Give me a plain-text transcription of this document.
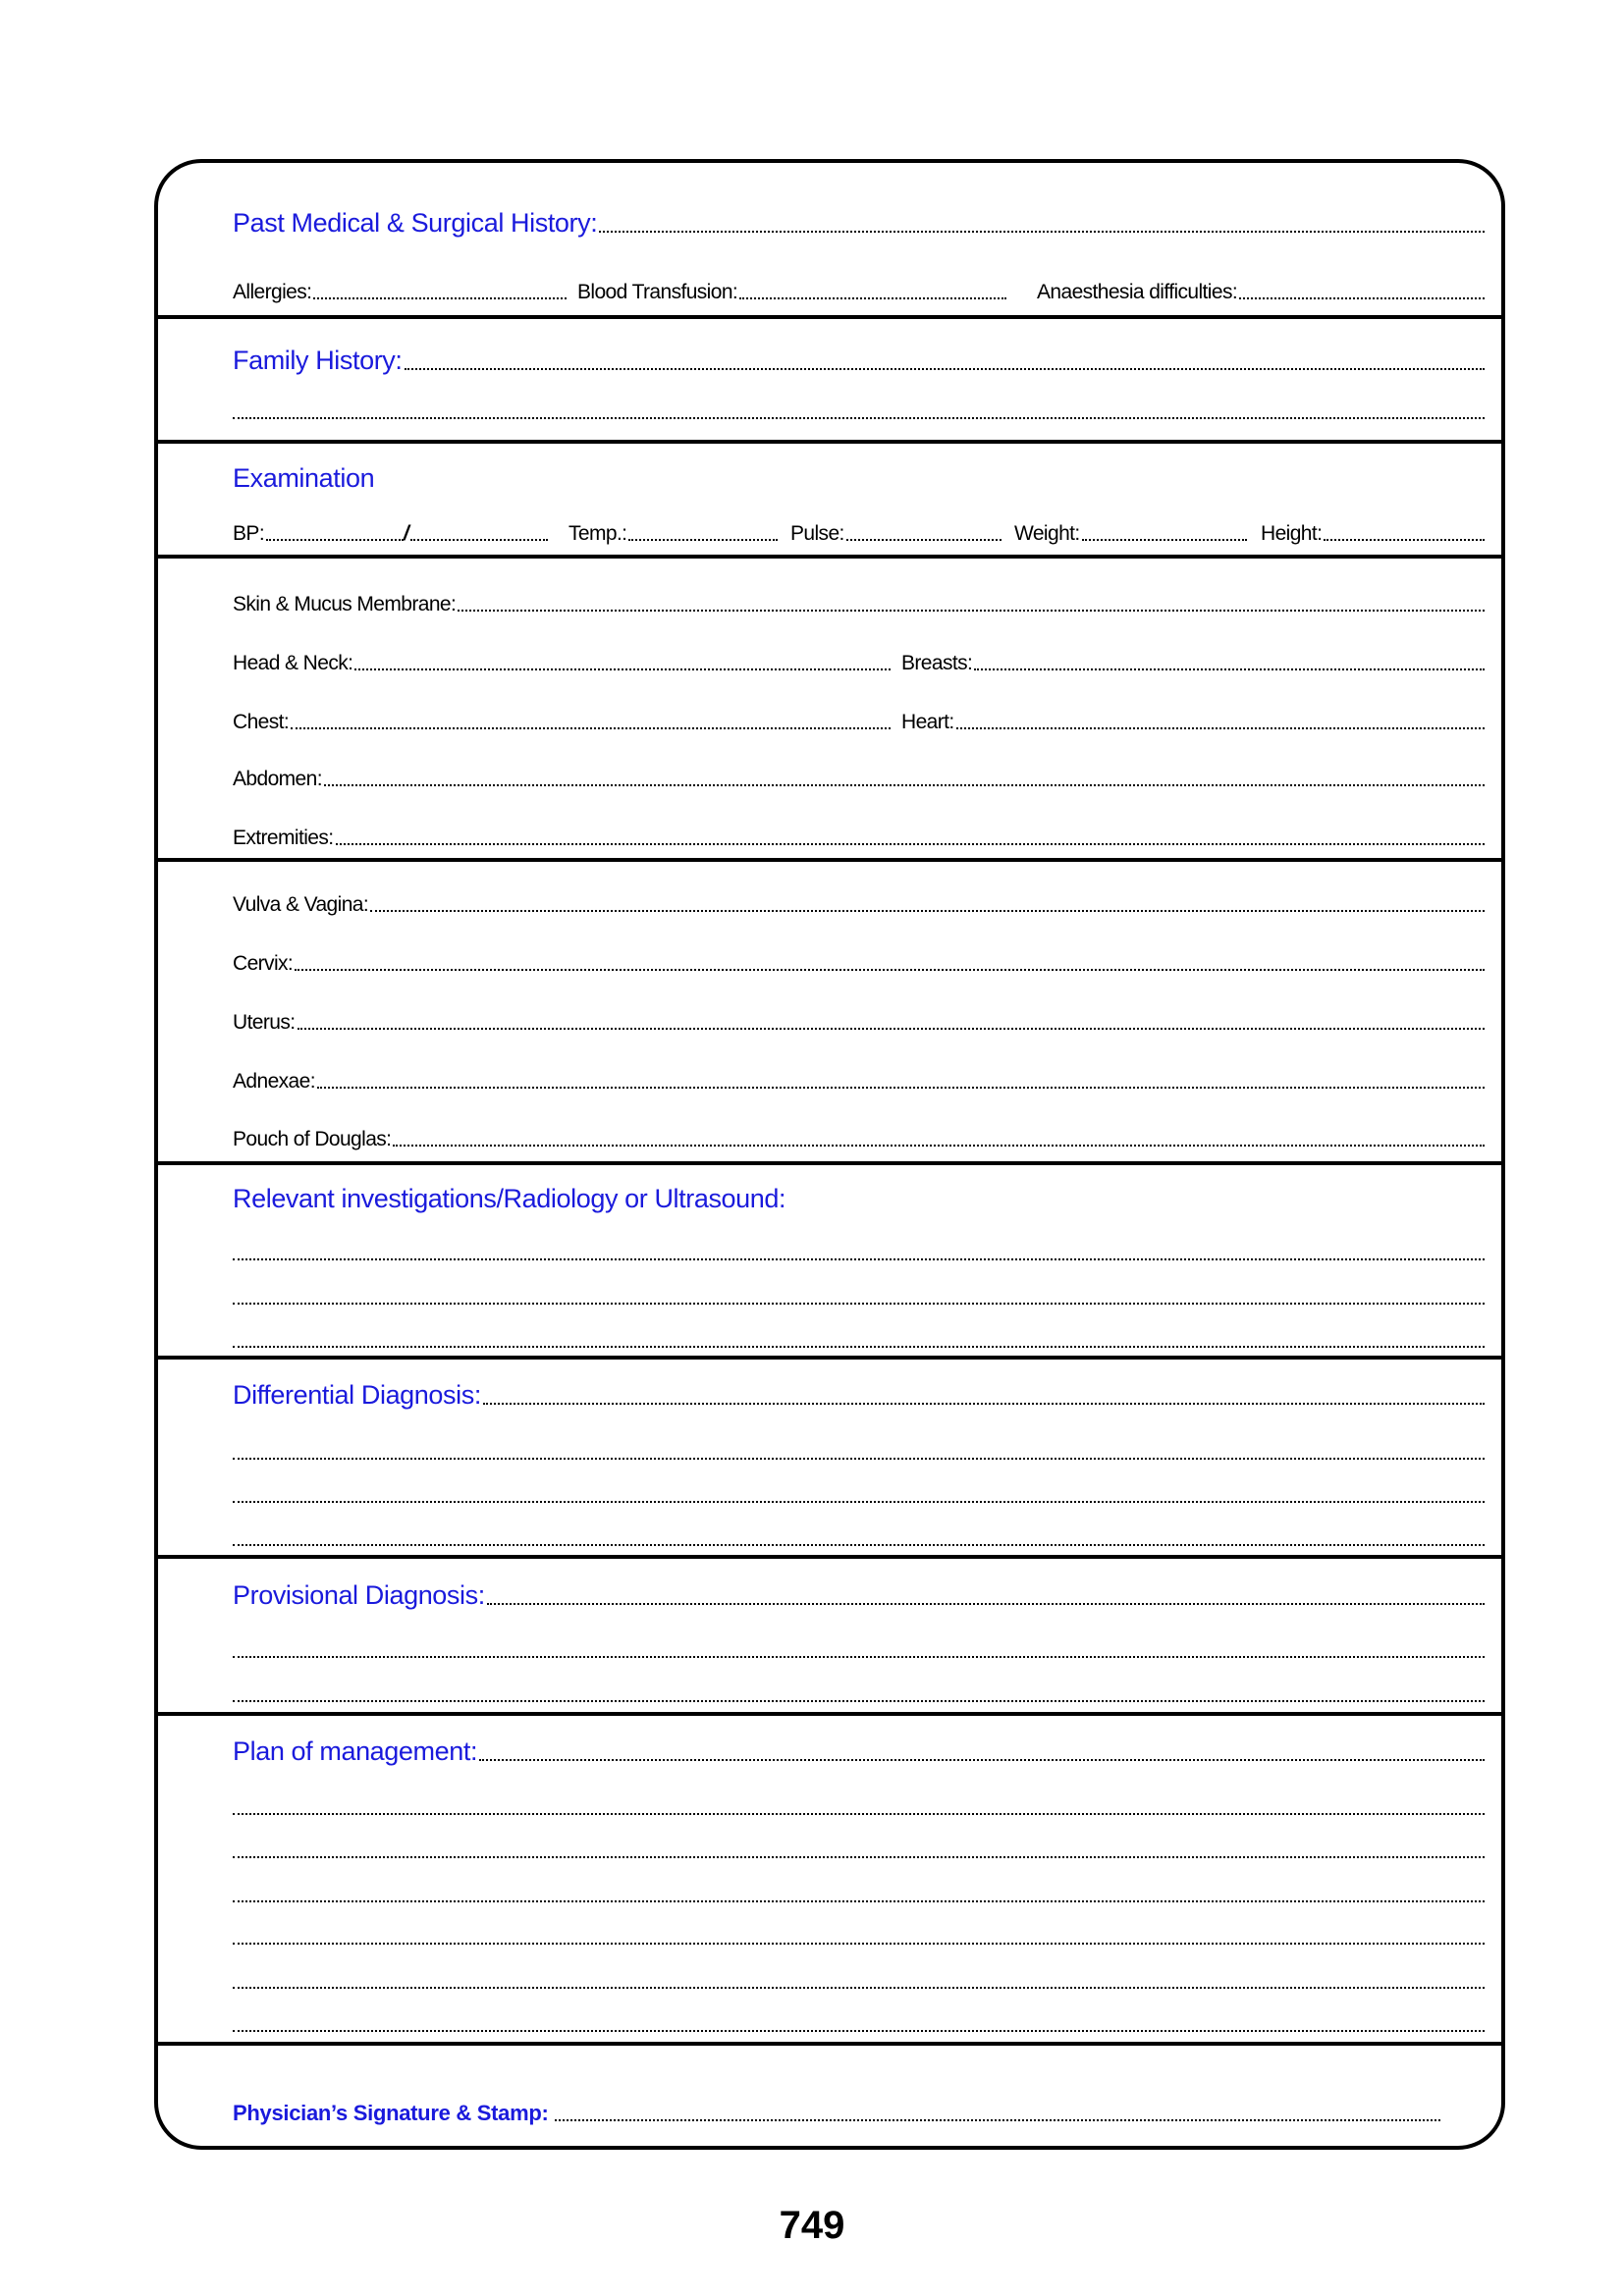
Past Medical & Surgical History:
Allergies:	Blood Transfusion:	Anaesthesia difficulties:
Family History:
Examination
BP:	/	Temp.:	Pulse:	Weight:	Height:
Skin & Mucus Membrane:
Head & Neck:	Breasts:
Chest:	Heart:
Abdomen:
Extremities:
Vulva & Vagina:
Cervix:
Uterus:
Adnexae:
Pouch of Douglas:
Relevant investigations/Radiology or Ultrasound:
Differential Diagnosis:
Provisional Diagnosis:
Plan of management:
Physician’s Signature & Stamp:
749
